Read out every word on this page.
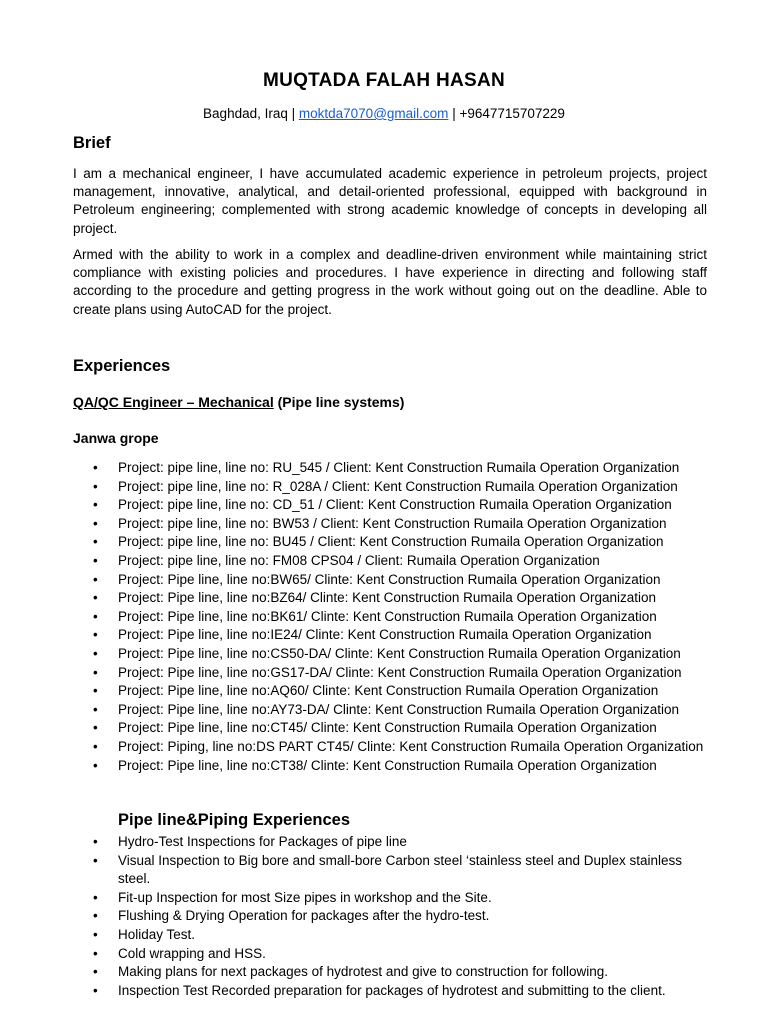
MUQTADA FALAH HASAN
Baghdad, Iraq | moktda7070@gmail.com | +9647715707229
Brief

I am a mechanical engineer, I have accumulated academic experience in petroleum projects, project management, innovative, analytical, and detail-oriented professional, equipped with background in Petroleum engineering; complemented with strong academic knowledge of concepts in developing all project.

Armed with the ability to work in a complex and deadline-driven environment while maintaining strict compliance with existing policies and procedures. I have experience in directing and following staff according to the procedure and getting progress in the work without going out on the deadline. Able to create plans using AutoCAD for the project.

Experiences
QA/QC Engineer – Mechanical (Pipe line systems)
Janwa grope
• Project: pipe line, line no: RU_545 / Client: Kent Construction Rumaila Operation Organization
• Project: pipe line, line no: R_028A / Client: Kent Construction Rumaila Operation Organization
• Project: pipe line, line no: CD_51 / Client: Kent Construction Rumaila Operation Organization
• Project: pipe line, line no: BW53 / Client: Kent Construction Rumaila Operation Organization
• Project: pipe line, line no: BU45 / Client: Kent Construction Rumaila Operation Organization
• Project: pipe line, line no: FM08 CPS04 / Client: Rumaila Operation Organization
• Project: Pipe line, line no:BW65/ Clinte: Kent Construction Rumaila Operation Organization
• Project: Pipe line, line no:BZ64/ Clinte: Kent Construction Rumaila Operation Organization
• Project: Pipe line, line no:BK61/ Clinte: Kent Construction Rumaila Operation Organization
• Project: Pipe line, line no:IE24/ Clinte: Kent Construction Rumaila Operation Organization
• Project: Pipe line, line no:CS50-DA/ Clinte: Kent Construction Rumaila Operation Organization
• Project: Pipe line, line no:GS17-DA/ Clinte: Kent Construction Rumaila Operation Organization
• Project: Pipe line, line no:AQ60/ Clinte: Kent Construction Rumaila Operation Organization
• Project: Pipe line, line no:AY73-DA/ Clinte: Kent Construction Rumaila Operation Organization
• Project: Pipe line, line no:CT45/ Clinte: Kent Construction Rumaila Operation Organization
• Project: Piping, line no:DS PART CT45/ Clinte: Kent Construction Rumaila Operation Organization
• Project: Pipe line, line no:CT38/ Clinte: Kent Construction Rumaila Operation Organization
Pipe line&Piping Experiences
• Hydro-Test Inspections for Packages of pipe line
• Visual Inspection to Big bore and small-bore Carbon steel ‘stainless steel and Duplex stainless steel.
• Fit-up Inspection for most Size pipes in workshop and the Site.
• Flushing & Drying Operation for packages after the hydro-test.
• Holiday Test.
• Cold wrapping and HSS.
• Making plans for next packages of hydrotest and give to construction for following.
• Inspection Test Recorded preparation for packages of hydrotest and submitting to the client.
